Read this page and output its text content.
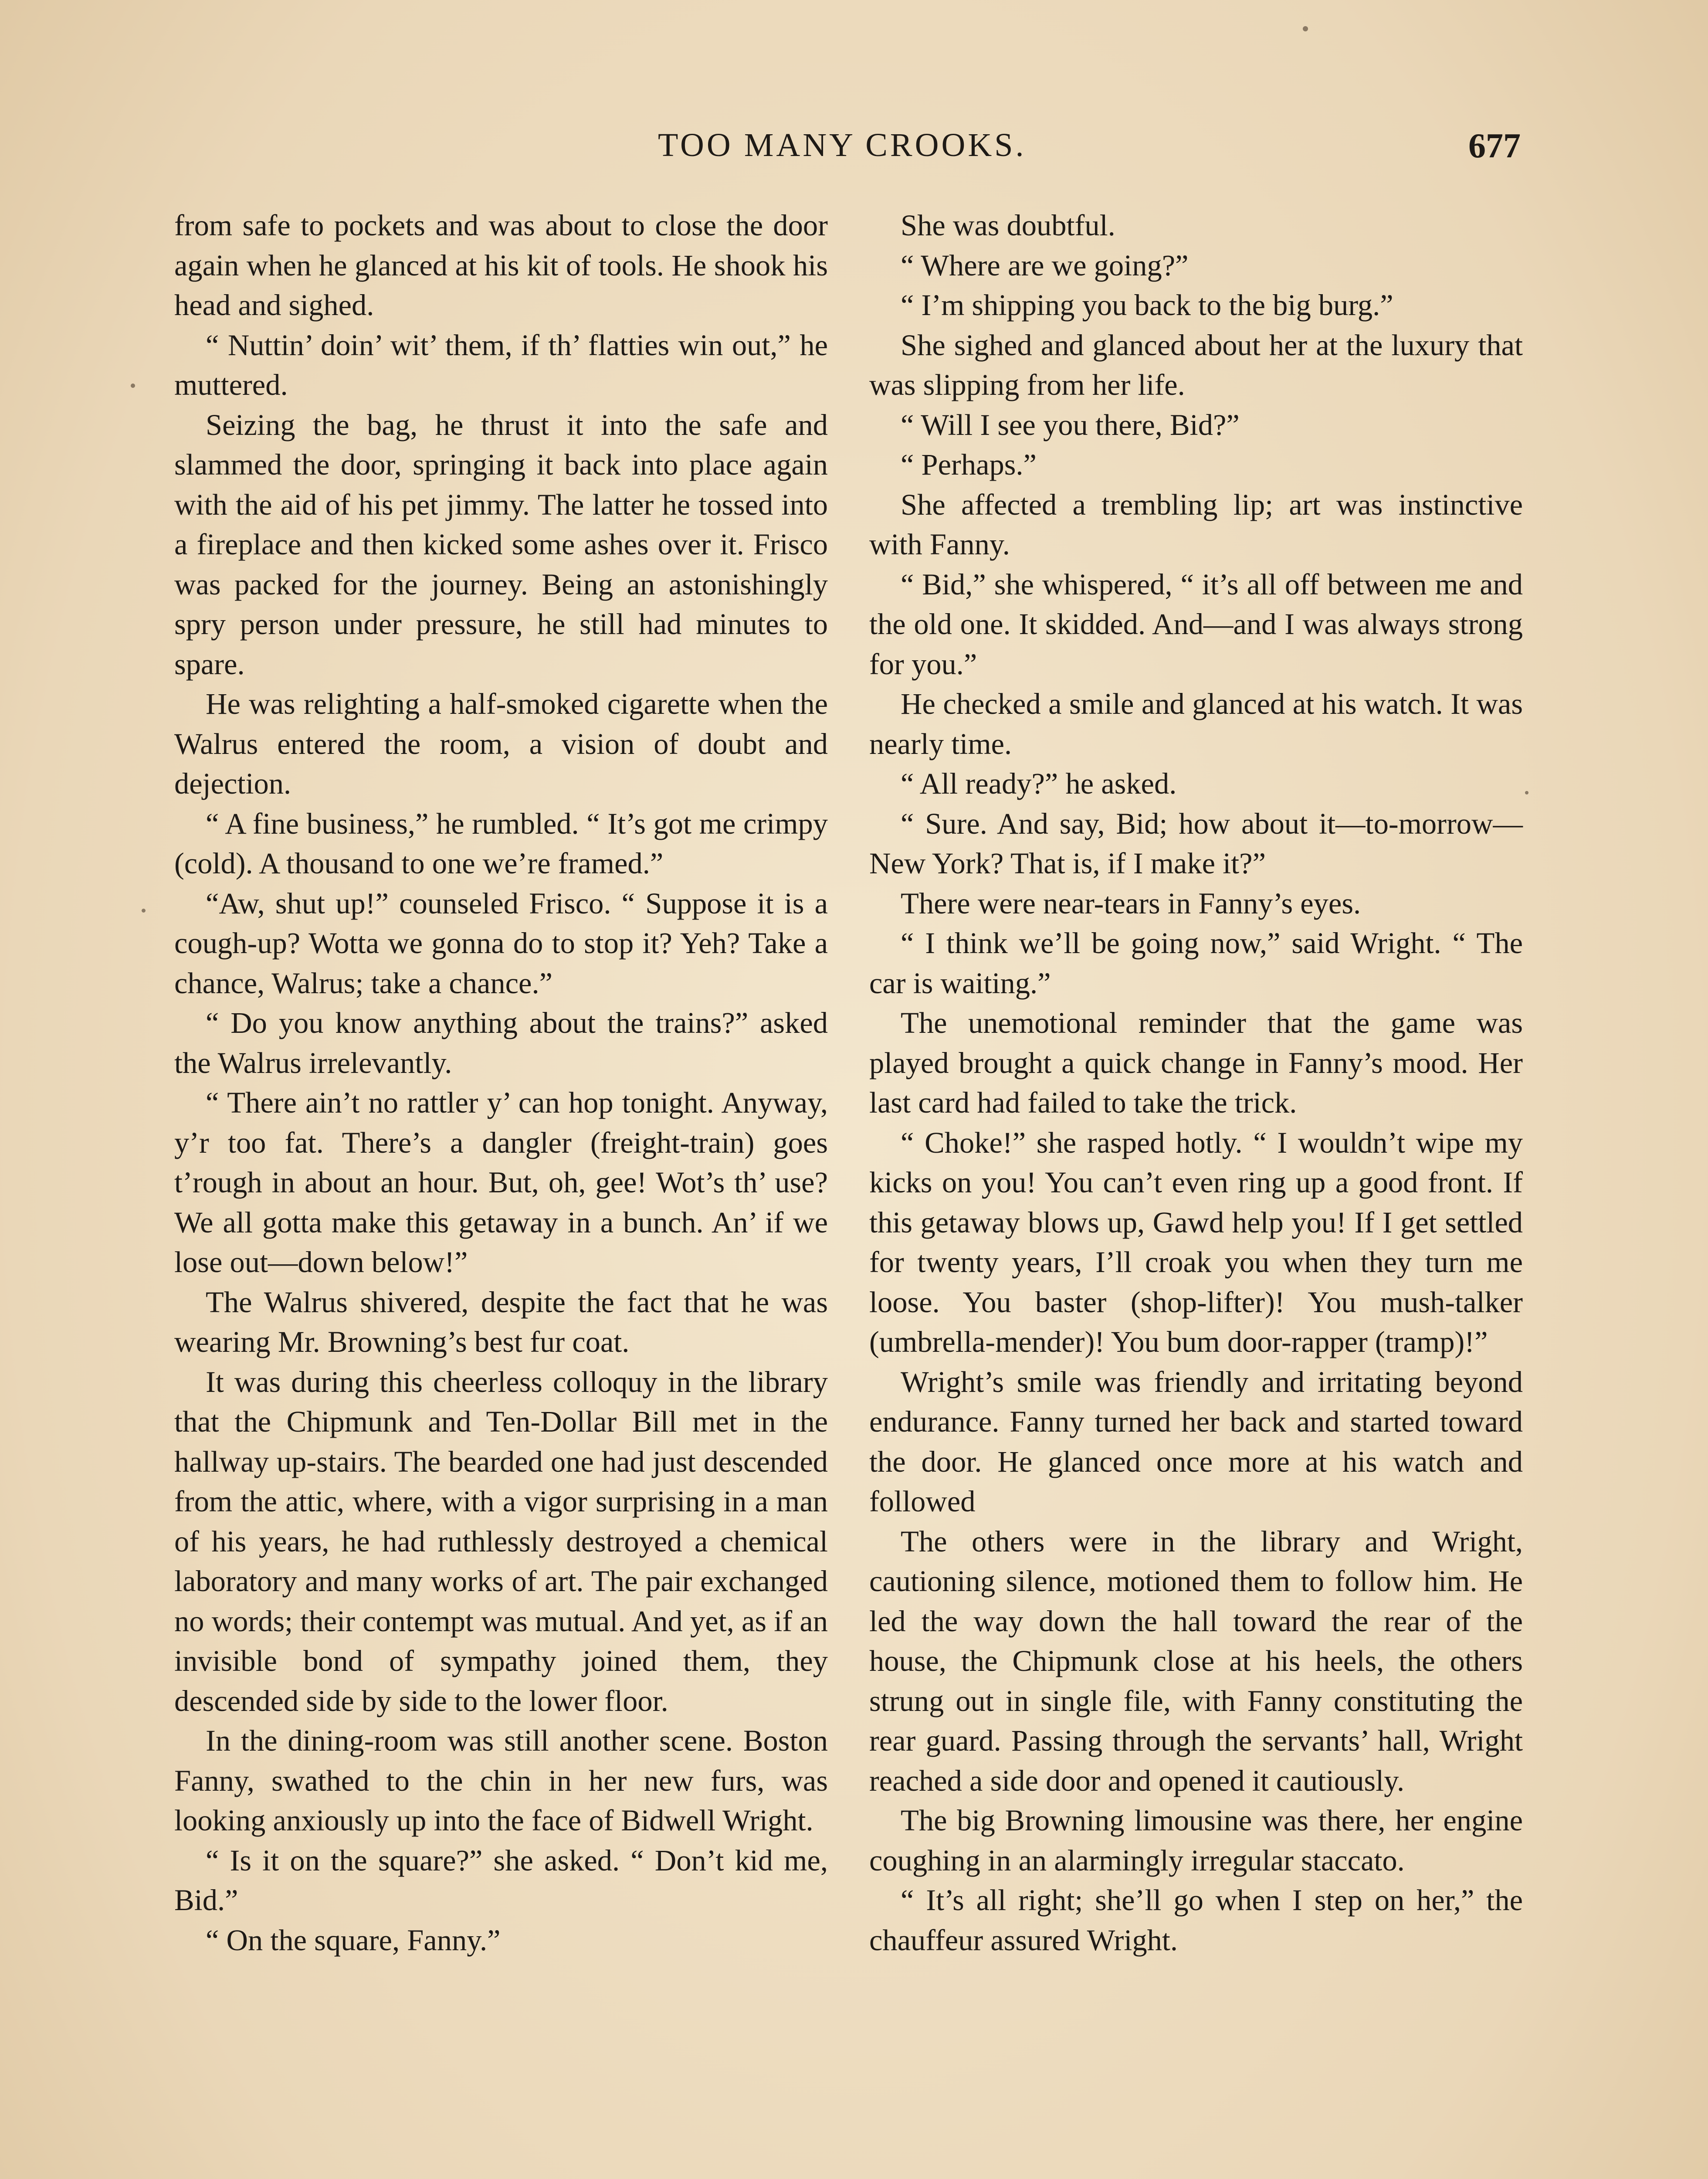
TOO MANY CROOKS.	677

from safe to pockets and was about to close the door again when he glanced at his kit of tools. He shook his head and sighed.

“ Nuttin’ doin’ wit’ them, if th’ flatties win out,” he muttered.

Seizing the bag, he thrust it into the safe and slammed the door, springing it back into place again with the aid of his pet jimmy. The latter he tossed into a fireplace and then kicked some ashes over it. Frisco was packed for the journey. Being an astonishingly spry person under pressure, he still had minutes to spare.

He was relighting a half-smoked cigarette when the Walrus entered the room, a vision of doubt and dejection.

“ A fine business,” he rumbled. “ It’s got me crimpy (cold). A thousand to one we’re framed.”

“Aw, shut up!” counseled Frisco. “ Suppose it is a cough-up? Wotta we gonna do to stop it? Yeh? Take a chance, Walrus; take a chance.”

“ Do you know anything about the trains?” asked the Walrus irrelevantly.

“ There ain’t no rattler y’ can hop tonight. Anyway, y’r too fat. There’s a dangler (freight-train) goes t’rough in about an hour. But, oh, gee! Wot’s th’ use? We all gotta make this getaway in a bunch. An’ if we lose out—down below!”

The Walrus shivered, despite the fact that he was wearing Mr. Browning’s best fur coat.

It was during this cheerless colloquy in the library that the Chipmunk and Ten-Dollar Bill met in the hallway up-stairs. The bearded one had just descended from the attic, where, with a vigor surprising in a man of his years, he had ruthlessly destroyed a chemical laboratory and many works of art. The pair exchanged no words; their contempt was mutual. And yet, as if an invisible bond of sympathy joined them, they descended side by side to the lower floor.

In the dining-room was still another scene. Boston Fanny, swathed to the chin in her new furs, was looking anxiously up into the face of Bidwell Wright.

“ Is it on the square?” she asked. “ Don’t kid me, Bid.”

“ On the square, Fanny.”

She was doubtful.

“ Where are we going?”

“ I’m shipping you back to the big burg.”

She sighed and glanced about her at the luxury that was slipping from her life.

“ Will I see you there, Bid?”

“ Perhaps.”

She affected a trembling lip; art was instinctive with Fanny.

“ Bid,” she whispered, “ it’s all off between me and the old one. It skidded. And—and I was always strong for you.”

He checked a smile and glanced at his watch. It was nearly time.

“ All ready?” he asked.

“ Sure. And say, Bid; how about it—to-morrow—New York? That is, if I make it?”

There were near-tears in Fanny’s eyes.

“ I think we’ll be going now,” said Wright. “ The car is waiting.”

The unemotional reminder that the game was played brought a quick change in Fanny’s mood. Her last card had failed to take the trick.

“ Choke!” she rasped hotly. “ I wouldn’t wipe my kicks on you! You can’t even ring up a good front. If this getaway blows up, Gawd help you! If I get settled for twenty years, I’ll croak you when they turn me loose. You baster (shop-lifter)! You mush-talker (umbrella-mender)! You bum door-rapper (tramp)!”

Wright’s smile was friendly and irritating beyond endurance. Fanny turned her back and started toward the door. He glanced once more at his watch and followed

The others were in the library and Wright, cautioning silence, motioned them to follow him. He led the way down the hall toward the rear of the house, the Chipmunk close at his heels, the others strung out in single file, with Fanny constituting the rear guard. Passing through the servants’ hall, Wright reached a side door and opened it cautiously.

The big Browning limousine was there, her engine coughing in an alarmingly irregular staccato.

“ It’s all right; she’ll go when I step on her,” the chauffeur assured Wright.
